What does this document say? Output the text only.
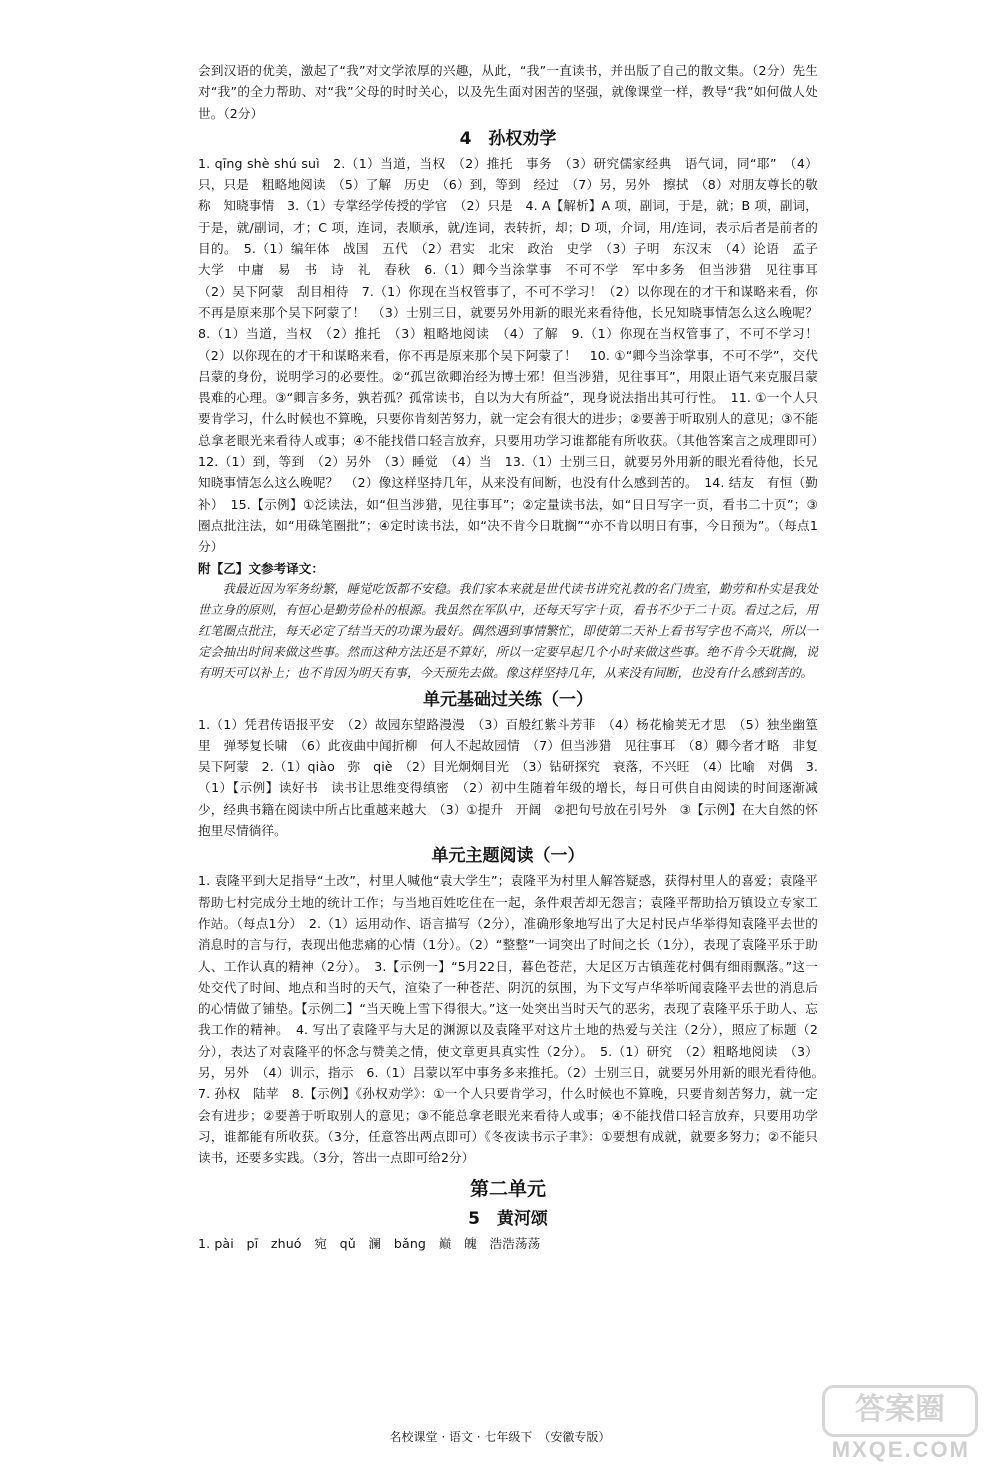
会到汉语的优美，激起了“我”对文学浓厚的兴趣，从此，“我”一直读书，并出版了自己的散文集。（2分）先生对“我”的全力帮助、对“我”父母的时时关心，以及先生面对困苦的坚强，就像课堂一样，教导“我”如何做人处世。（2分）

4　孙权劝学

1. qīng shè shú suì　2.（1）当道，当权　（2）推托　事务　（3）研究儒家经典　语气词，同“耶”　（4）只，只是　粗略地阅读　（5）了解　历史　（6）到，等到　经过　（7）另，另外　擦拭　（8）对朋友尊长的敬称　知晓事情　3.（1）专掌经学传授的学官　（2）只是　4. A【解析】A 项，副词，于是，就；B 项，副词，于是，就/副词，才；C 项，连词，表顺承，就/连词，表转折，却；D 项，介词，用/连词，表示后者是前者的目的。　5.（1）编年体　战国　五代　（2）君实　北宋　政治　史学　（3）子明　东汉末　（4）论语　孟子　大学　中庸　易　书　诗　礼　春秋　6.（1）卿今当涂掌事　不可不学　军中多务　但当涉猎　见往事耳　（2）吴下阿蒙　刮目相待　7.（1）你现在当权管事了，不可不学习！（2）以你现在的才干和谋略来看，你不再是原来那个吴下阿蒙了！　（3）士别三日，就要另外用新的眼光来看待他，长兄知晓事情怎么这么晚呢？　8.（1）当道，当权　（2）推托　（3）粗略地阅读　（4）了解　9.（1）你现在当权管事了，不可不学习！　（2）以你现在的才干和谋略来看，你不再是原来那个吴下阿蒙了！　10. ①“卿今当涂掌事，不可不学”，交代吕蒙的身份，说明学习的必要性。②“孤岂欲卿治经为博士邪！但当涉猎，见往事耳”，用限止语气来克服吕蒙畏难的心理。③“卿言多务，孰若孤？孤常读书，自以为大有所益”，现身说法指出其可行性。　11. ①一个人只要肯学习，什么时候也不算晚，只要你肯刻苦努力，就一定会有很大的进步；②要善于听取别人的意见；③不能总拿老眼光来看待人或事；④不能找借口轻言放弃，只要用功学习谁都能有所收获。（其他答案言之成理即可）　12.（1）到，等到　（2）另外　（3）睡觉　（4）当　13.（1）士别三日，就要另外用新的眼光看待他，长兄知晓事情怎么这么晚呢？　（2）像这样坚持几年，从来没有间断，也没有什么感到苦的。　14. 结友　有恒（勤补）　15.【示例】①泛读法，如“但当涉猎，见往事耳”；②定量读书法，如“日日写字一页，看书二十页”；③圈点批注法，如“用硃笔圈批”；④定时读书法，如“决不肯今日耽搁”“亦不肯以明日有事，今日预为”。（每点1分）

附【乙】文参考译文：

我最近因为军务纷繁，睡觉吃饭都不安稳。我们家本来就是世代读书讲究礼教的名门贵室，勤劳和朴实是我处世立身的原则，有恒心是勤劳俭朴的根源。我虽然在军队中，还每天写字十页，看书不少于二十页。看过之后，用红笔圈点批注，每天必定了结当天的功课为最好。偶然遇到事情繁忙，即使第二天补上看书写字也不高兴，所以一定会抽出时间来做这些事。然而这种方法还是不算好，所以一定要早起几个小时来做这些事。绝不肯今天耽搁，说有明天可以补上；也不肯因为明天有事，今天预先去做。像这样坚持几年，从来没有间断，也没有什么感到苦的。

单元基础过关练（一）

1.（1）凭君传语报平安　（2）故园东望路漫漫　（3）百般红紫斗芳菲　（4）杨花榆荚无才思　（5）独坐幽篁里　弹琴复长啸　（6）此夜曲中闻折柳　何人不起故园情　（7）但当涉猎　见往事耳　（8）卿今者才略　非复吴下阿蒙　2.（1）qiào　弥　qiè　（2）目光炯炯目光　（3）钻研探究　衰落，不兴旺　（4）比喻　对偶　3.（1）【示例】读好书　读书让思维变得缜密　（2）初中生随着年级的增长，每日可供自由阅读的时间逐渐减少，经典书籍在阅读中所占比重越来越大　（3）①提升　开阔　②把句号放在引号外　③【示例】在大自然的怀抱里尽情徜徉。

单元主题阅读（一）

1. 袁隆平到大足指导“土改”，村里人喊他“袁大学生”；袁隆平为村里人解答疑惑，获得村里人的喜爱；袁隆平帮助七村完成分土地的统计工作；与当地百姓吃住在一起，条件艰苦却无怨言；袁隆平帮助拾万镇设立专家工作站。（每点1分）　2.（1）运用动作、语言描写（2分），准确形象地写出了大足村民卢华举得知袁隆平去世的消息时的言与行，表现出他悲痛的心情（1分）。（2）“整整”一词突出了时间之长（1分），表现了袁隆平乐于助人、工作认真的精神（2分）。　3.【示例一】“5月22日，暮色苍茫，大足区万古镇莲花村偶有细雨飘落。”这一处交代了时间、地点和当时的天气，渲染了一种苍茫、阴沉的氛围，为下文写卢华举听闻袁隆平去世的消息后的心情做了铺垫。【示例二】“当天晚上雪下得很大。”这一处突出当时天气的恶劣，表现了袁隆平乐于助人、忘我工作的精神。　4. 写出了袁隆平与大足的渊源以及袁隆平对这片土地的热爱与关注（2分），照应了标题（2分），表达了对袁隆平的怀念与赞美之情，使文章更具真实性（2分）。　5.（1）研究　（2）粗略地阅读　（3）另，另外　（4）训示，指示　6.（1）吕蒙以军中事务多来推托。（2）士别三日，就要另外用新的眼光看待他。　7. 孙权　陆苹　8.【示例】《孙权劝学》：①一个人只要肯学习，什么时候也不算晚，只要肯刻苦努力，就一定会有进步；②要善于听取别人的意见；③不能总拿老眼光来看待人或事；④不能找借口轻言放弃，只要用功学习，谁都能有所收获。（3分，任意答出两点即可）《冬夜读书示子聿》：①要想有成就，就要多努力；②不能只读书，还要多实践。（3分，答出一点即可给2分）

第二单元
5　黄河颂

1. pài　pī　zhuó　宛　qǔ　澜　bǎng　巅　魄　浩浩荡荡

名校课堂 · 语文 · 七年级下　（安徽专版）
答案圈
MXQE.COM
